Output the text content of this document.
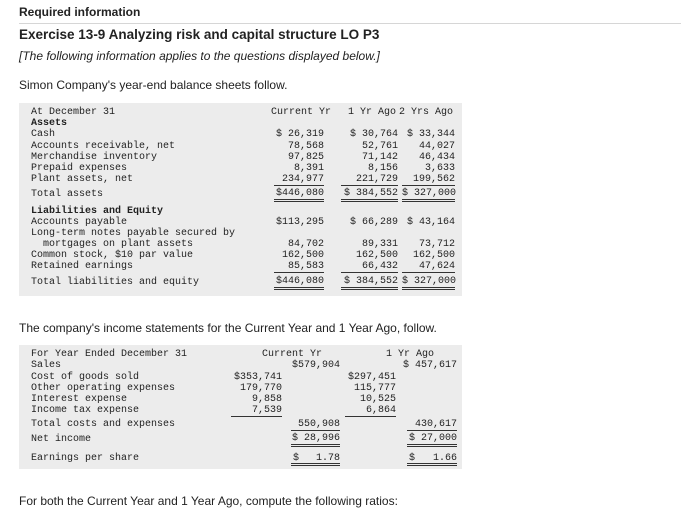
Required information
Exercise 13-9 Analyzing risk and capital structure LO P3
[The following information applies to the questions displayed below.]
Simon Company's year-end balance sheets follow.
At December 31	Current Yr 1 Yr Ago 2 Yrs Ago
Assets
Cash	$ 26,319	$ 30,764 $ 33,344
Accounts receivable, net	78,568	52,761	44,027
Merchandise inventory	97,825	71,142	46,434
Prepaid expenses	8,391	8,156	3,633
Plant assets, net	234,977	221,729	199,562
Total assets	$446,080 $ 384,552 $ 327,000
Liabilities and Equity
Accounts payable	$113,295	$ 66,289 $ 43,164
Long-term notes payable secured by
mortgages on plant assets	84,702	89,331	73,712
Common stock, $10 par value	162,500	162,500	162,500
Retained earnings	85,583	66,432	47,624
Total liabilities and equity	$446,080 $ 384,552 $ 327,000
The company's income statements for the Current Year and 1 Year Ago, follow.
For Year Ended December 31	Current Yr	1 Yr Ago
Sales	$579,904	$ 457,617
Cost of goods sold	$353,741	$297,451
Other operating expenses	179,770	115,777
Interest expense	9,858	10,525
Income tax expense	7,539	6,864
Total costs and expenses	550,908	430,617
Net income	$ 28,996	$ 27,000
Earnings per share	$	1.78	$	1.66
For both the Current Year and 1 Year Ago, compute the following ratios:
